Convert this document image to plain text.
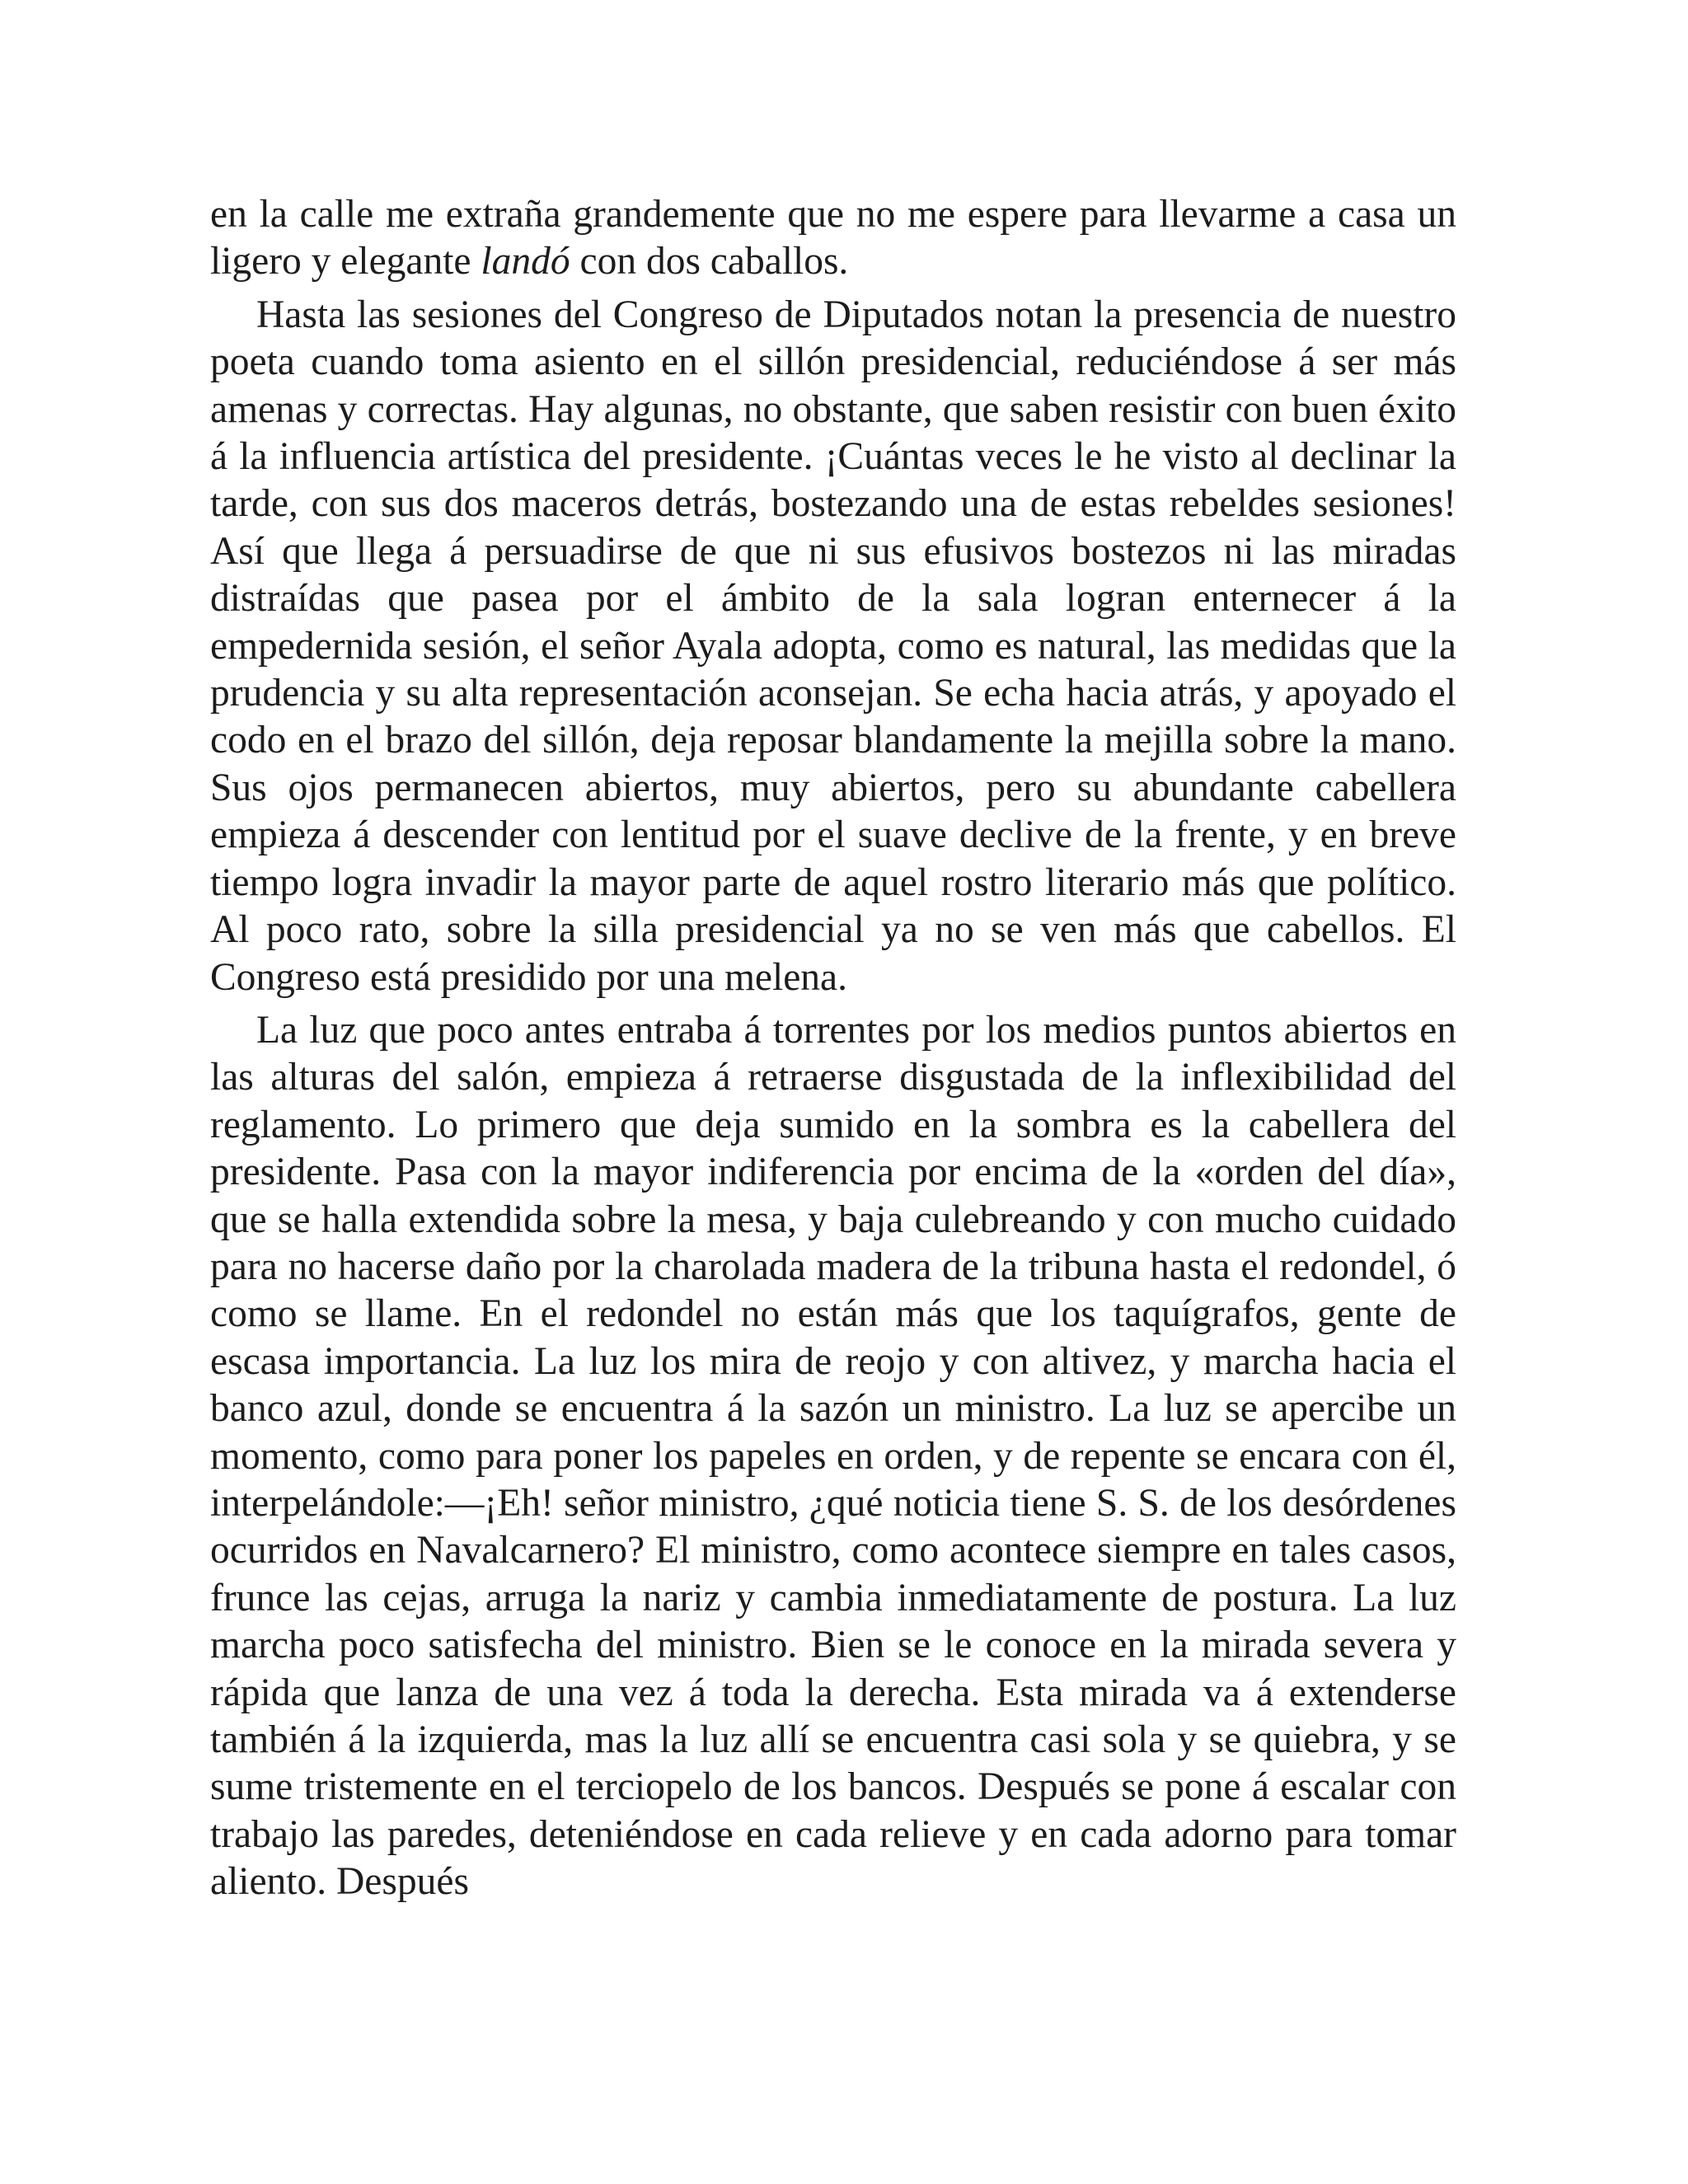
en la calle me extraña grandemente que no me espere para llevarme a casa un ligero y elegante landó con dos caballos.

Hasta las sesiones del Congreso de Diputados notan la presencia de nuestro poeta cuando toma asiento en el sillón presidencial, reduciéndose á ser más amenas y correctas. Hay algunas, no obstante, que saben resistir con buen éxito á la influencia artística del presidente. ¡Cuántas veces le he visto al declinar la tarde, con sus dos maceros detrás, bostezando una de estas rebeldes sesiones! Así que llega á persuadirse de que ni sus efusivos bostezos ni las miradas distraídas que pasea por el ámbito de la sala logran enternecer á la empedernida sesión, el señor Ayala adopta, como es natural, las medidas que la prudencia y su alta representación aconsejan. Se echa hacia atrás, y apoyado el codo en el brazo del sillón, deja reposar blandamente la mejilla sobre la mano. Sus ojos permanecen abiertos, muy abiertos, pero su abundante cabellera empieza á descender con lentitud por el suave declive de la frente, y en breve tiempo logra invadir la mayor parte de aquel rostro literario más que político. Al poco rato, sobre la silla presidencial ya no se ven más que cabellos. El Congreso está presidido por una melena.

La luz que poco antes entraba á torrentes por los medios puntos abiertos en las alturas del salón, empieza á retraerse disgustada de la inflexibilidad del reglamento. Lo primero que deja sumido en la sombra es la cabellera del presidente. Pasa con la mayor indiferencia por encima de la «orden del día», que se halla extendida sobre la mesa, y baja culebreando y con mucho cuidado para no hacerse daño por la charolada madera de la tribuna hasta el redondel, ó como se llame. En el redondel no están más que los taquígrafos, gente de escasa importancia. La luz los mira de reojo y con altivez, y marcha hacia el banco azul, donde se encuentra á la sazón un ministro. La luz se apercibe un momento, como para poner los papeles en orden, y de repente se encara con él, interpelándole:—¡Eh! señor ministro, ¿qué noticia tiene S. S. de los desórdenes ocurridos en Navalcarnero? El ministro, como acontece siempre en tales casos, frunce las cejas, arruga la nariz y cambia inmediatamente de postura. La luz marcha poco satisfecha del ministro. Bien se le conoce en la mirada severa y rápida que lanza de una vez á toda la derecha. Esta mirada va á extenderse también á la izquierda, mas la luz allí se encuentra casi sola y se quiebra, y se sume tristemente en el terciopelo de los bancos. Después se pone á escalar con trabajo las paredes, deteniéndose en cada relieve y en cada adorno para tomar aliento. Después
